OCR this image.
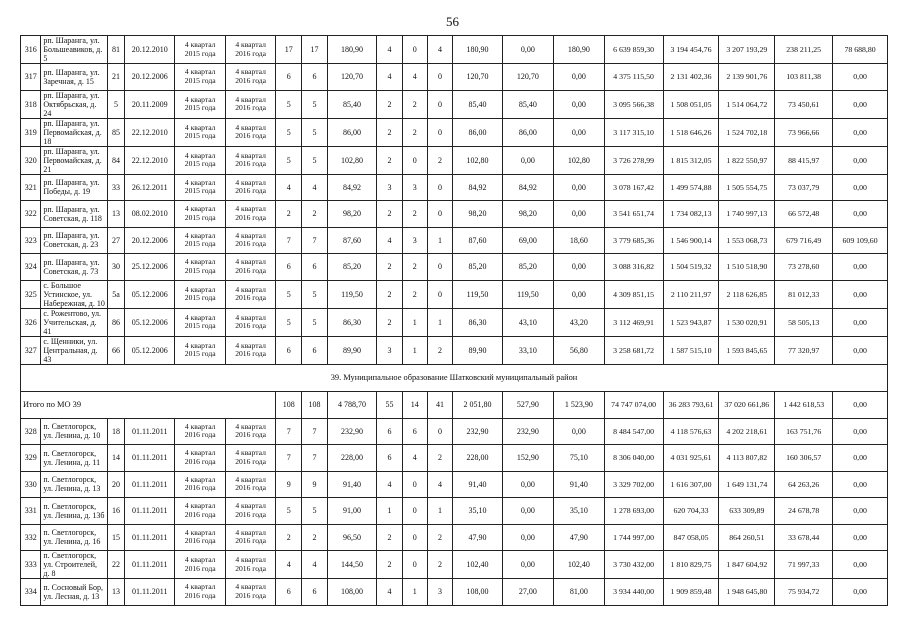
56
316	рп. Шаранга, ул. Большеавиков, д. 5	81	20.12.2010	4 квартал 2015 года	4 квартал 2016 года	17	17	180,90	4	0	4	180,90	0,00	180,90	6 639 859,30	3 194 454,76	3 207 193,29	238 211,25	78 688,80
317	рп. Шаранга, ул. Заречная, д. 15	21	20.12.2006	4 квартал 2015 года	4 квартал 2016 года	6	6	120,70	4	4	0	120,70	120,70	0,00	4 375 115,50	2 131 402,36	2 139 901,76	103 811,38	0,00
318	рп. Шаранга, ул. Октябрьская, д. 24	5	20.11.2009	4 квартал 2015 года	4 квартал 2016 года	5	5	85,40	2	2	0	85,40	85,40	0,00	3 095 566,38	1 508 051,05	1 514 064,72	73 450,61	0,00
319	рп. Шаранга, ул. Первомайская, д. 18	85	22.12.2010	4 квартал 2015 года	4 квартал 2016 года	5	5	86,00	2	2	0	86,00	86,00	0,00	3 117 315,10	1 518 646,26	1 524 702,18	73 966,66	0,00
320	рп. Шаранга, ул. Первомайская, д. 21	84	22.12.2010	4 квартал 2015 года	4 квартал 2016 года	5	5	102,80	2	0	2	102,80	0,00	102,80	3 726 278,99	1 815 312,05	1 822 550,97	88 415,97	0,00
321	рп. Шаранга, ул. Победы, д. 19	33	26.12.2011	4 квартал 2015 года	4 квартал 2016 года	4	4	84,92	3	3	0	84,92	84,92	0,00	3 078 167,42	1 499 574,88	1 505 554,75	73 037,79	0,00
322	рп. Шаранга, ул. Советская, д. 118	13	08.02.2010	4 квартал 2015 года	4 квартал 2016 года	2	2	98,20	2	2	0	98,20	98,20	0,00	3 541 651,74	1 734 082,13	1 740 997,13	66 572,48	0,00
323	рп. Шаранга, ул. Советская, д. 23	27	20.12.2006	4 квартал 2015 года	4 квартал 2016 года	7	7	87,60	4	3	1	87,60	69,00	18,60	3 779 685,36	1 546 900,14	1 553 068,73	679 716,49	609 109,60
324	рп. Шаранга, ул. Советская, д. 73	30	25.12.2006	4 квартал 2015 года	4 квартал 2016 года	6	6	85,20	2	2	0	85,20	85,20	0,00	3 088 316,82	1 504 519,32	1 510 518,90	73 278,60	0,00
325	с. Большое Устинское, ул. Набережная, д. 10	5а	05.12.2006	4 квартал 2015 года	4 квартал 2016 года	5	5	119,50	2	2	0	119,50	119,50	0,00	4 309 851,15	2 110 211,97	2 118 626,85	81 012,33	0,00
326	с. Рожентово, ул. Учительская, д. 41	86	05.12.2006	4 квартал 2015 года	4 квартал 2016 года	5	5	86,30	2	1	1	86,30	43,10	43,20	3 112 469,91	1 523 943,87	1 530 020,91	58 505,13	0,00
327	с. Щенники, ул. Центральная, д. 43	66	05.12.2006	4 квартал 2015 года	4 квартал 2016 года	6	6	89,90	3	1	2	89,90	33,10	56,80	3 258 681,72	1 587 515,10	1 593 845,65	77 320,97	0,00
39. Муниципальное образование Шатковский муниципальный район																			
Итого по МО 39						108	108	4 788,70	55	14	41	2 051,80	527,90	1 523,90	74 747 074,00	36 283 793,61	37 020 661,86	1 442 618,53	0,00
328	п. Светлогорск, ул. Ленина, д. 10	18	01.11.2011	4 квартал 2016 года	4 квартал 2016 года	7	7	232,90	6	6	0	232,90	232,90	0,00	8 484 547,00	4 118 576,63	4 202 218,61	163 751,76	0,00
329	п. Светлогорск, ул. Ленина, д. 11	14	01.11.2011	4 квартал 2016 года	4 квартал 2016 года	7	7	228,00	6	4	2	228,00	152,90	75,10	8 306 040,00	4 031 925,61	4 113 807,82	160 306,57	0,00
330	п. Светлогорск, ул. Ленина, д. 13	20	01.11.2011	4 квартал 2016 года	4 квартал 2016 года	9	9	91,40	4	0	4	91,40	0,00	91,40	3 329 702,00	1 616 307,00	1 649 131,74	64 263,26	0,00
331	п. Светлогорск, ул. Ленина, д. 13б	16	01.11.2011	4 квартал 2016 года	4 квартал 2016 года	5	5	91,00	1	0	1	35,10	0,00	35,10	1 278 693,00	620 704,33	633 309,89	24 678,78	0,00
332	п. Светлогорск, ул. Ленина, д. 16	15	01.11.2011	4 квартал 2016 года	4 квартал 2016 года	2	2	96,50	2	0	2	47,90	0,00	47,90	1 744 997,00	847 058,05	864 260,51	33 678,44	0,00
333	п. Светлогорск, ул. Строителей, д. 8	22	01.11.2011	4 квартал 2016 года	4 квартал 2016 года	4	4	144,50	2	0	2	102,40	0,00	102,40	3 730 432,00	1 810 829,75	1 847 604,92	71 997,33	0,00
334	п. Сосновый Бор, ул. Лесная, д. 13	13	01.11.2011	4 квартал 2016 года	4 квартал 2016 года	6	6	108,00	4	1	3	108,00	27,00	81,00	3 934 440,00	1 909 859,48	1 948 645,80	75 934,72	0,00
